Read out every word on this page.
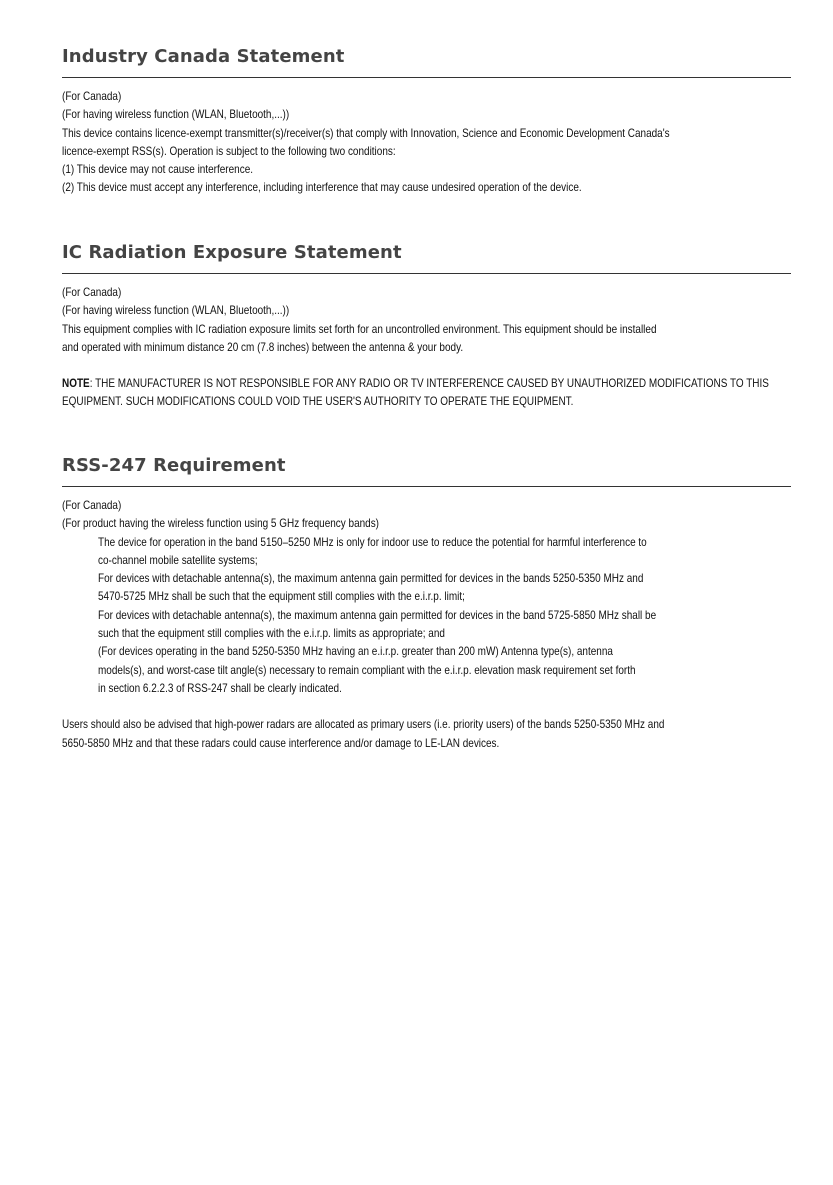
Industry Canada Statement
(For Canada)
(For having wireless function (WLAN, Bluetooth,...))
This device contains licence-exempt transmitter(s)/receiver(s) that comply with Innovation, Science and Economic Development Canada's
licence-exempt RSS(s). Operation is subject to the following two conditions:
(1) This device may not cause interference.
(2) This device must accept any interference, including interference that may cause undesired operation of the device.
IC Radiation Exposure Statement
(For Canada)
(For having wireless function (WLAN, Bluetooth,...))
This equipment complies with IC radiation exposure limits set forth for an uncontrolled environment. This equipment should be installed
and operated with minimum distance 20 cm (7.8 inches) between the antenna & your body.
NOTE: THE MANUFACTURER IS NOT RESPONSIBLE FOR ANY RADIO OR TV INTERFERENCE CAUSED BY UNAUTHORIZED MODIFICATIONS TO THIS
EQUIPMENT. SUCH MODIFICATIONS COULD VOID THE USER'S AUTHORITY TO OPERATE THE EQUIPMENT.
RSS-247 Requirement
(For Canada)
(For product having the wireless function using 5 GHz frequency bands)
The device for operation in the band 5150–5250 MHz is only for indoor use to reduce the potential for harmful interference to
co-channel mobile satellite systems;
For devices with detachable antenna(s), the maximum antenna gain permitted for devices in the bands 5250-5350 MHz and
5470-5725 MHz shall be such that the equipment still complies with the e.i.r.p. limit;
For devices with detachable antenna(s), the maximum antenna gain permitted for devices in the band 5725-5850 MHz shall be
such that the equipment still complies with the e.i.r.p. limits as appropriate; and
(For devices operating in the band 5250-5350 MHz having an e.i.r.p. greater than 200 mW) Antenna type(s), antenna
models(s), and worst-case tilt angle(s) necessary to remain compliant with the e.i.r.p. elevation mask requirement set forth
in section 6.2.2.3 of RSS-247 shall be clearly indicated.
Users should also be advised that high-power radars are allocated as primary users (i.e. priority users) of the bands 5250-5350 MHz and
5650-5850 MHz and that these radars could cause interference and/or damage to LE-LAN devices.
